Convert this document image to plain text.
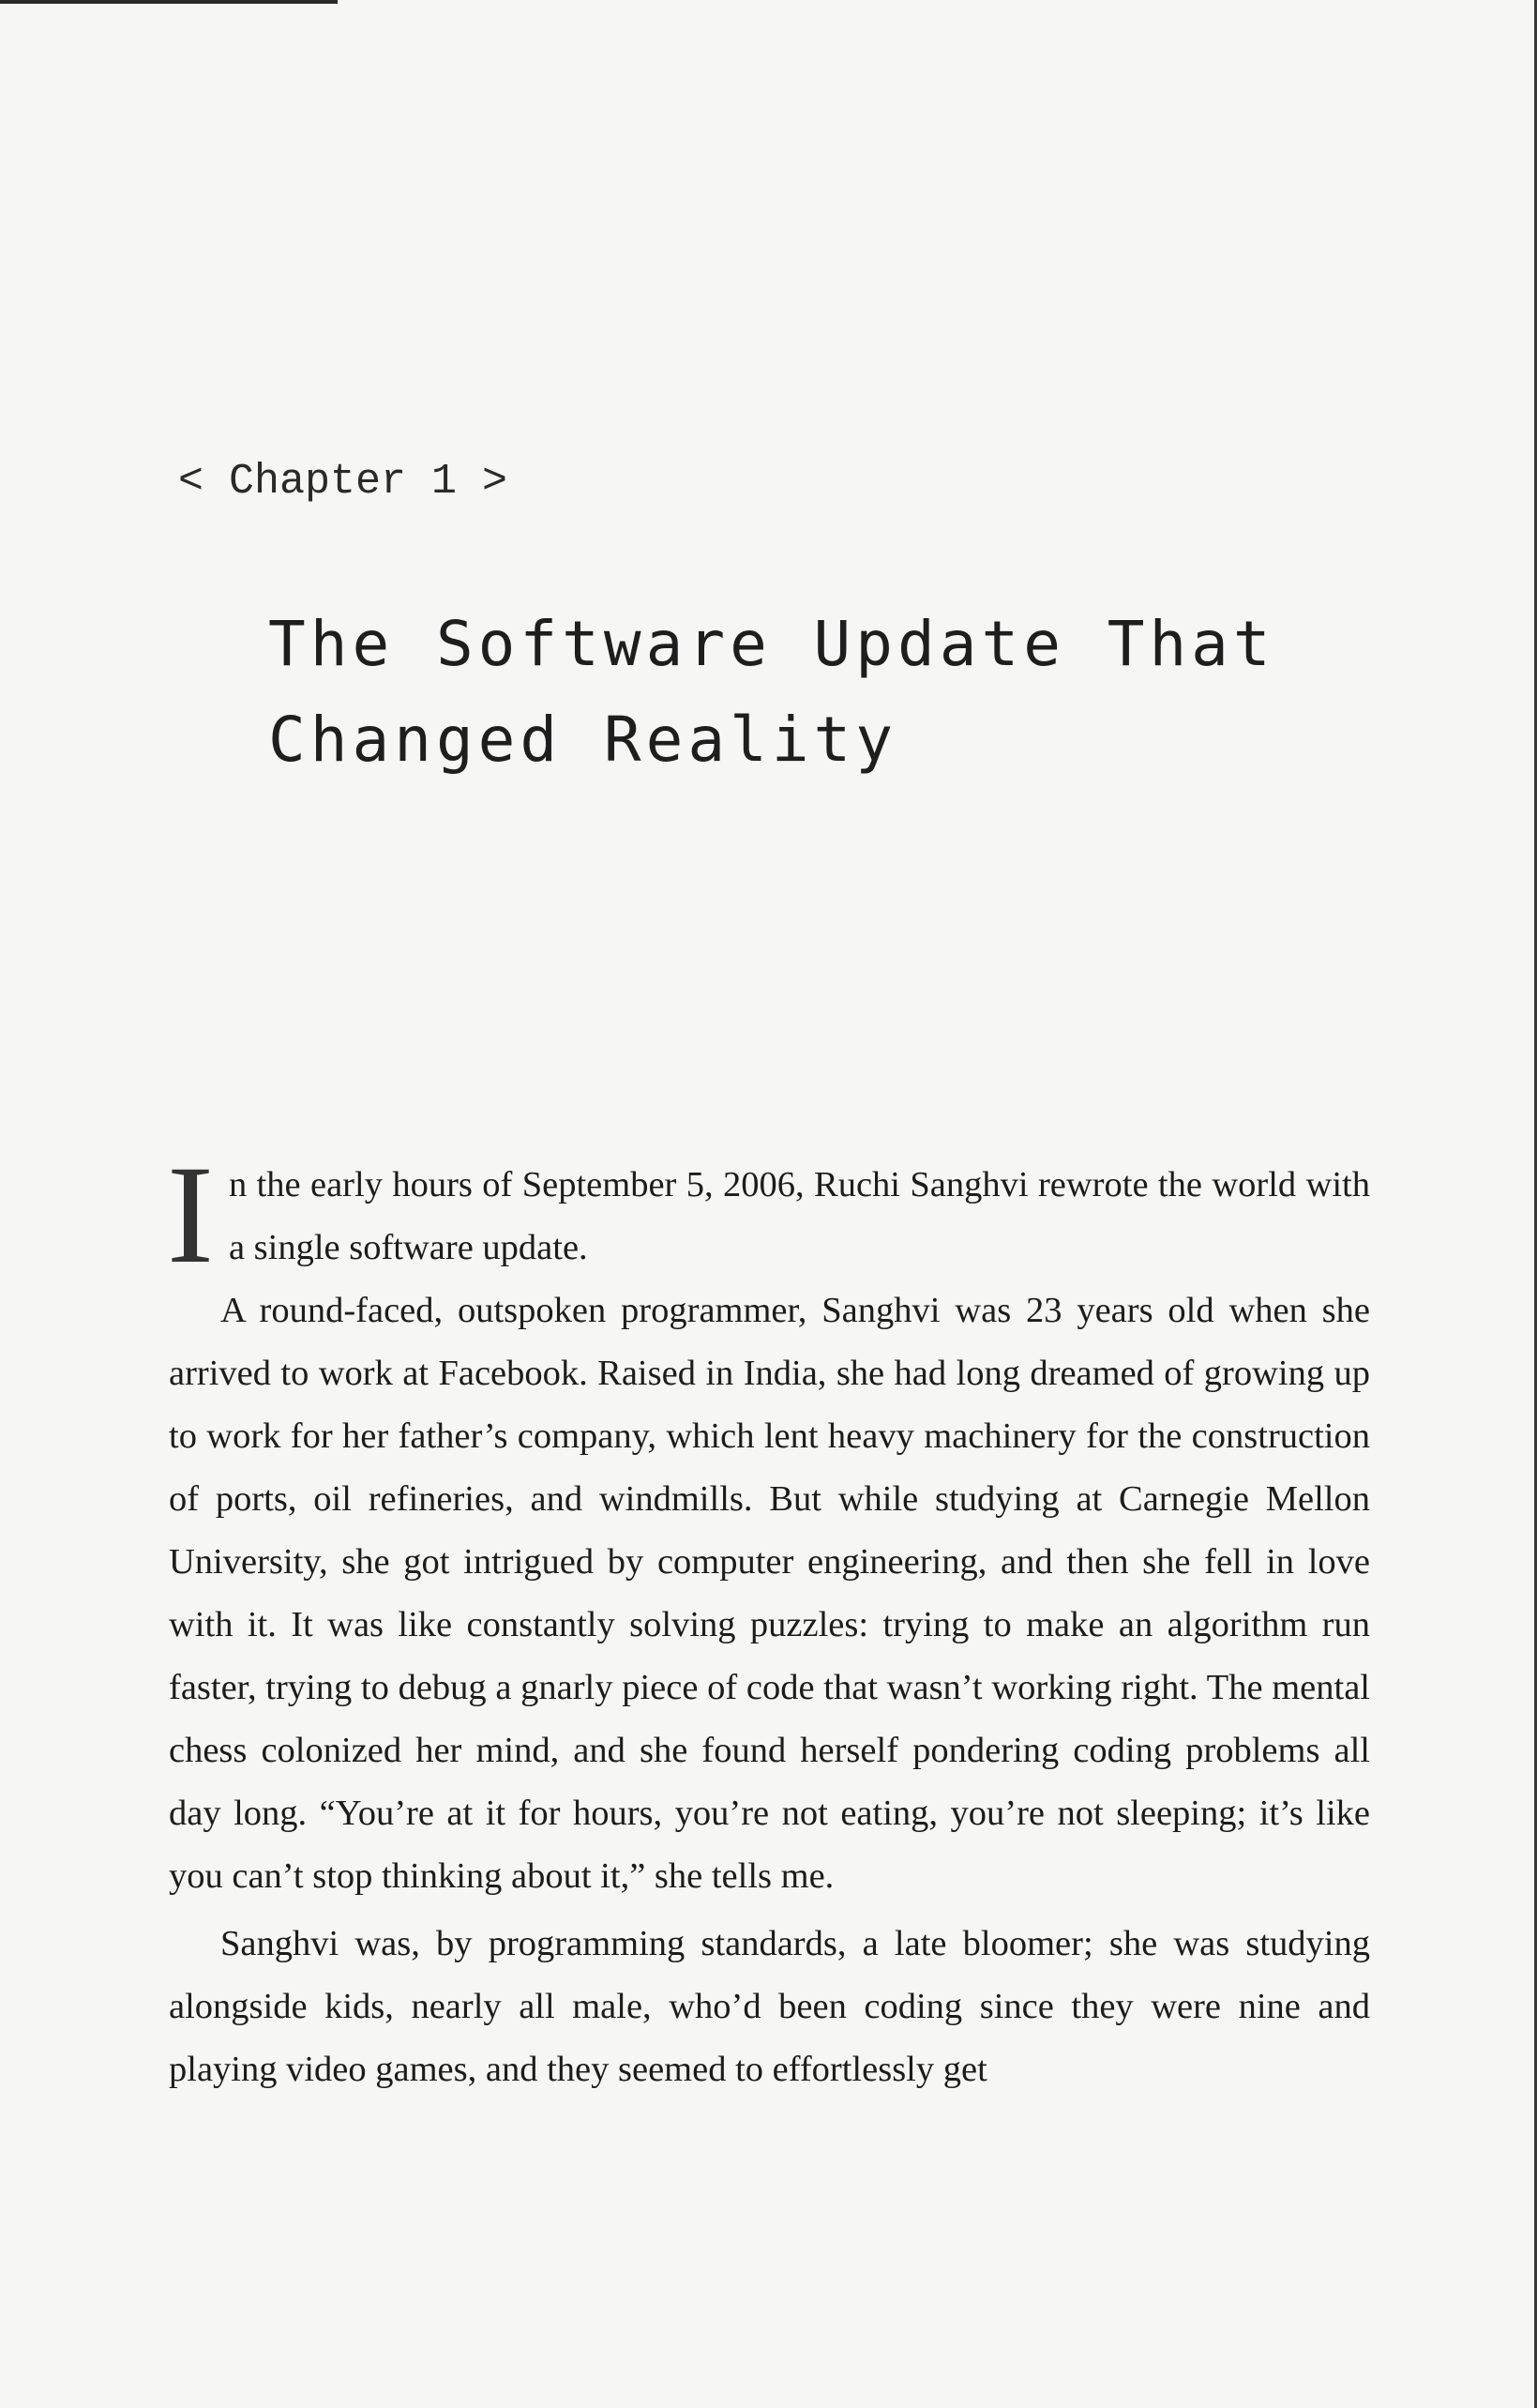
< Chapter 1 >
The Software Update That
Changed Reality

In the early hours of September 5, 2006, Ruchi Sanghvi rewrote the world with a single software update.

A round-faced, outspoken programmer, Sanghvi was 23 years old when she arrived to work at Facebook. Raised in India, she had long dreamed of growing up to work for her father’s company, which lent heavy machinery for the construction of ports, oil refineries, and windmills. But while studying at Carnegie Mellon University, she got intrigued by computer engineering, and then she fell in love with it. It was like constantly solving puzzles: trying to make an algorithm run faster, trying to debug a gnarly piece of code that wasn’t working right. The mental chess colonized her mind, and she found herself pondering coding problems all day long. “You’re at it for hours, you’re not eating, you’re not sleeping; it’s like you can’t stop thinking about it,” she tells me.

Sanghvi was, by programming standards, a late bloomer; she was studying alongside kids, nearly all male, who’d been coding since they were nine and playing video games, and they seemed to effortlessly get
